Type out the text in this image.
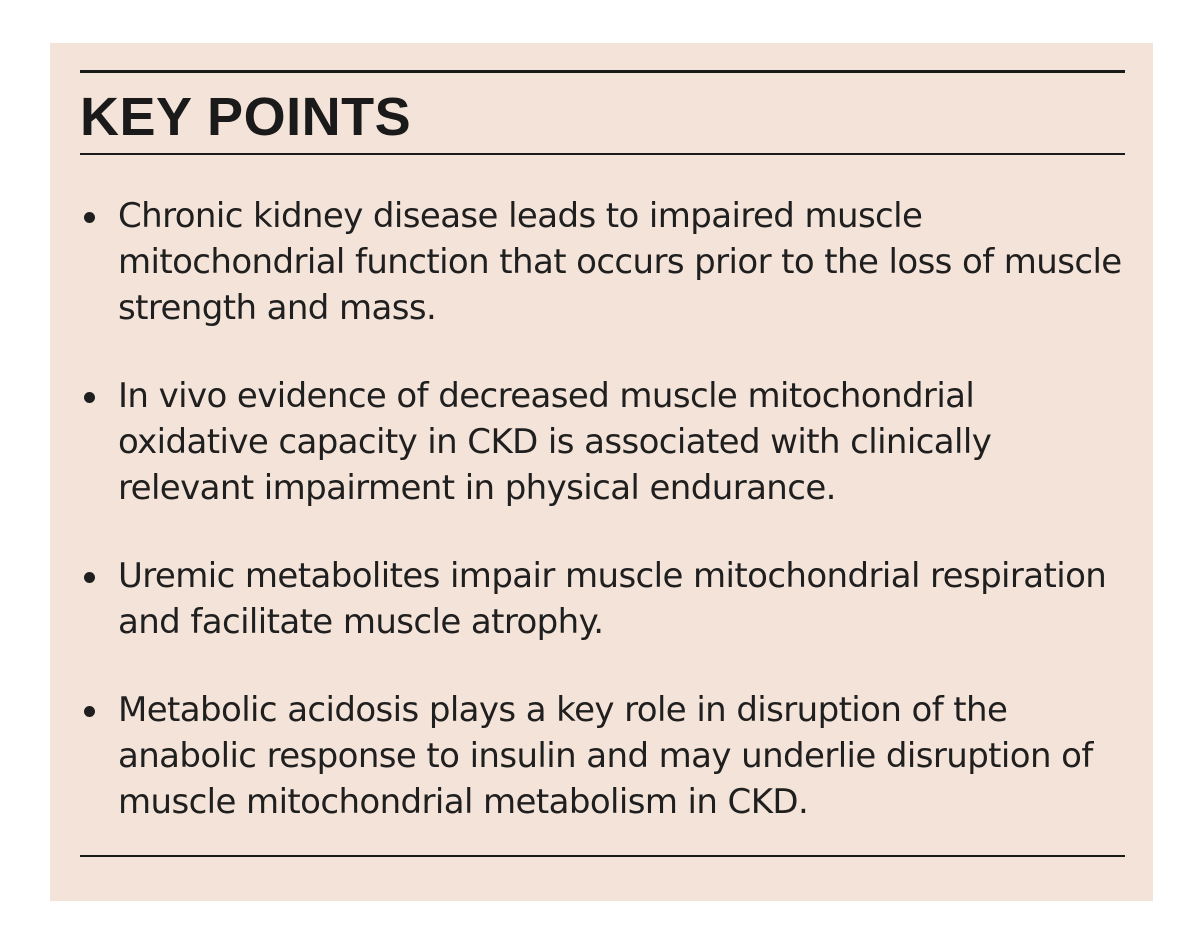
KEY POINTS
Chronic kidney disease leads to impaired muscle mitochondrial function that occurs prior to the loss of muscle strength and mass.
In vivo evidence of decreased muscle mitochondrial oxidative capacity in CKD is associated with clinically relevant impairment in physical endurance.
Uremic metabolites impair muscle mitochondrial respiration and facilitate muscle atrophy.
Metabolic acidosis plays a key role in disruption of the anabolic response to insulin and may underlie disruption of muscle mitochondrial metabolism in CKD.
